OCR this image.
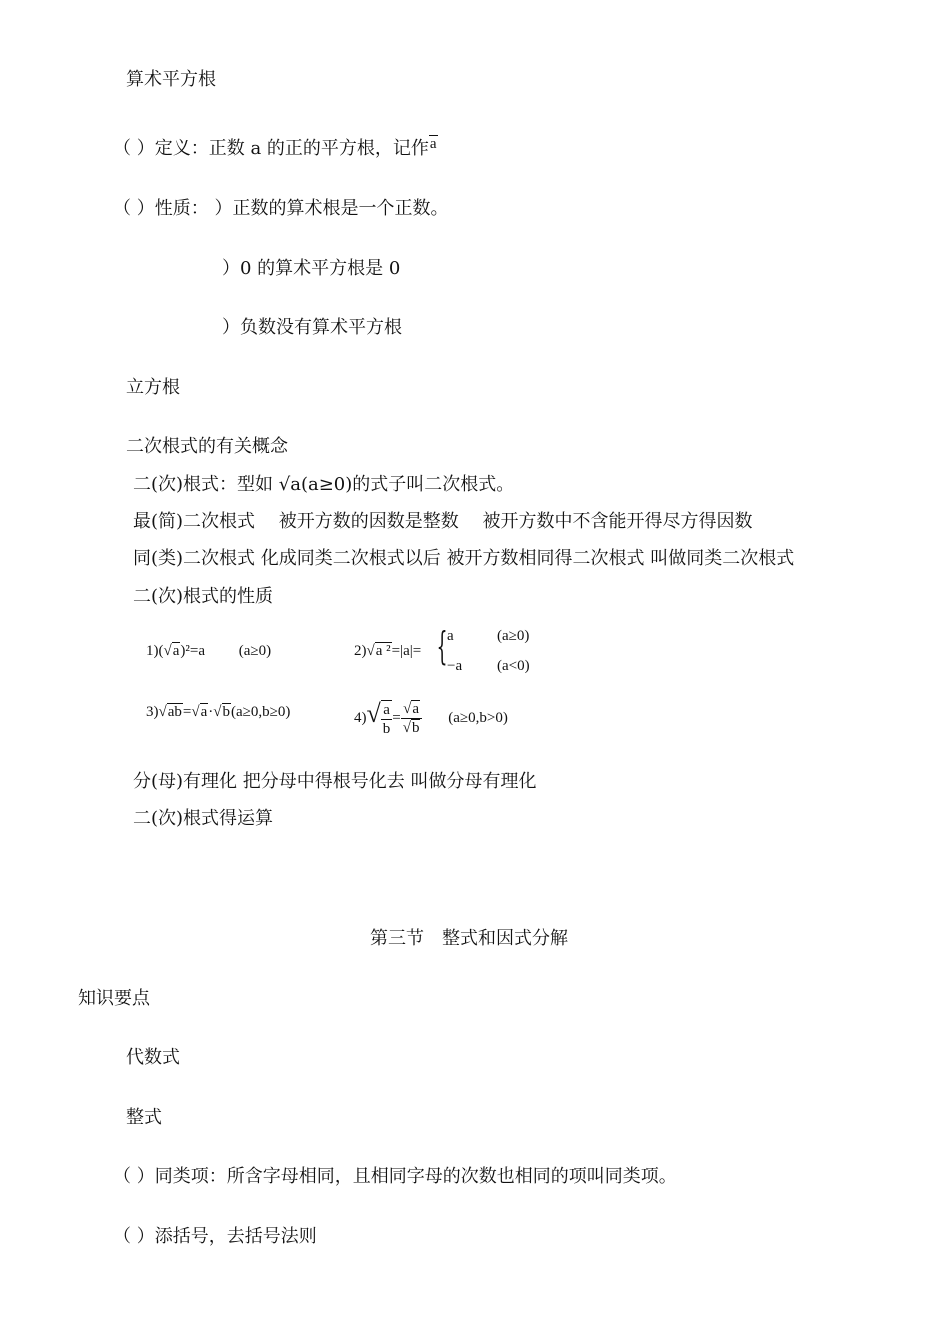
算术平方根
（ ）定义：正数 a 的正的平方根，记作a
（ ）性质： ）正数的算术根是一个正数。
）0 的算术平方根是 0
）负数没有算术平方根
立方根
二次根式的有关概念
二(次)根式：型如 √a(a≥0)的式子叫二次根式。
最(简)二次根式　 被开方数的因数是整数　 被开方数中不含能开得尽方得因数
同(类)二次根式 化成同类二次根式以后 被开方数相同得二次根式 叫做同类二次根式
二(次)根式的性质
1)(√a)²=a (a≥0)	2)√a ²=|a|= { a	(a≥0)
−a (a<0)
3)√ab=√a·√b(a≥0,b≥0)	$4)√ \frac{a}{b} = \frac{√a}{√b} (a\ge 0,b>0)$
分(母)有理化 把分母中得根号化去 叫做分母有理化
二(次)根式得运算
第三节　整式和因式分解
知识要点
代数式
整式
（ ）同类项：所含字母相同，且相同字母的次数也相同的项叫同类项。
（ ）添括号，去括号法则
